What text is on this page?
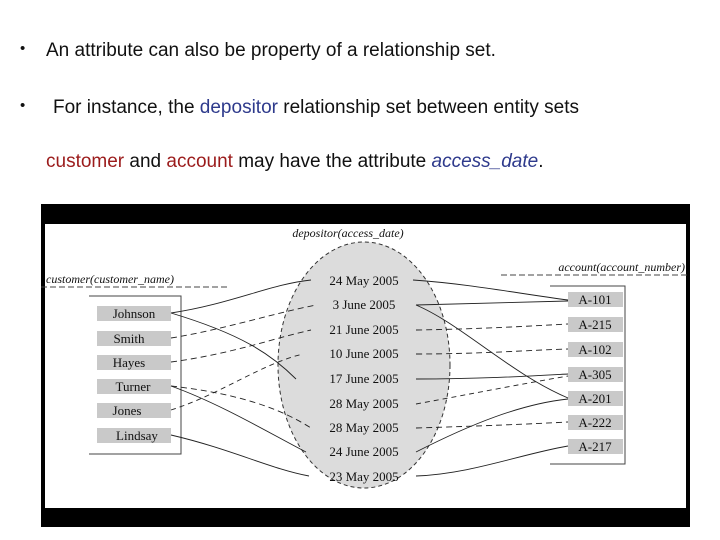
• An attribute can also be property of a relationship set.
• For instance, the depositor relationship set between entity sets
customer and account may have the attribute access_date.
depositor(access_date)
customer(customer_name)
account(account_number)
Johnson
Smith
Hayes
Turner
Jones
Lindsay
A-101
A-215
A-102
A-305
A-201
A-222
A-217
24 May 2005
3 June 2005
21 June 2005
10 June 2005
17 June 2005
28 May 2005
28 May 2005
24 June 2005
23 May 2005
